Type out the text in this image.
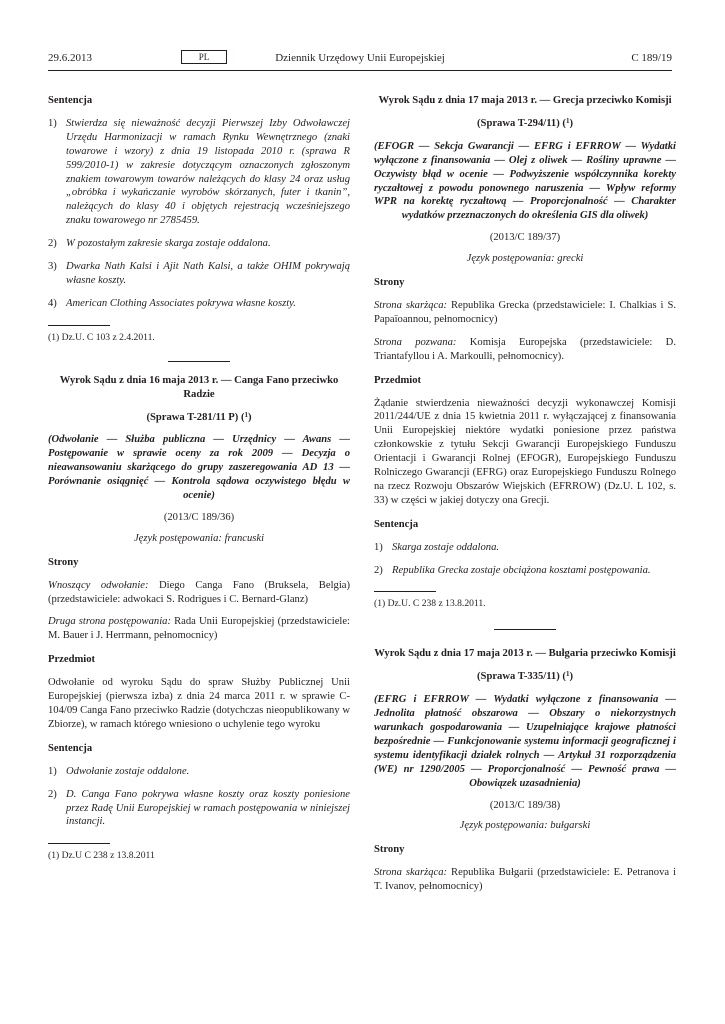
29.6.2013	PL	Dziennik Urzędowy Unii Europejskiej	C 189/19
Sentencja
1) Stwierdza się nieważność decyzji Pierwszej Izby Odwoławczej Urzędu Harmonizacji w ramach Rynku Wewnętrznego (znaki towarowe i wzory) z dnia 19 listopada 2010 r. (sprawa R 599/2010-1) w zakresie dotyczącym oznaczonych zgłoszonym znakiem towarowym towarów należących do klasy 24 oraz usług „obróbka i wykańczanie wyrobów skórzanych, futer i tkanin”, należących do klasy 40 i objętych rejestracją wcześniejszego znaku towarowego nr 2785459.
2) W pozostałym zakresie skarga zostaje oddalona.
3) Dwarka Nath Kalsi i Ajit Nath Kalsi, a także OHIM pokrywają własne koszty.
4) American Clothing Associates pokrywa własne koszty.
(1) Dz.U. C 103 z 2.4.2011.
Wyrok Sądu z dnia 16 maja 2013 r. — Canga Fano przeciwko Radzie
(Sprawa T-281/11 P) ($^1$)
(Odwołanie — Służba publiczna — Urzędnicy — Awans — Postępowanie w sprawie oceny za rok 2009 — Decyzja o nieawansowaniu skarżącego do grupy zaszeregowania AD 13 — Porównanie osiągnięć — Kontrola sądowa oczywistego błędu w ocenie)
(2013/C 189/36)
Język postępowania: francuski
Strony
Wnoszący odwołanie: Diego Canga Fano (Bruksela, Belgia) (przedstawiciele: adwokaci S. Rodrigues i C. Bernard-Glanz)
Druga strona postępowania: Rada Unii Europejskiej (przedstawiciele: M. Bauer i J. Herrmann, pełnomocnicy)
Przedmiot
Odwołanie od wyroku Sądu do spraw Służby Publicznej Unii Europejskiej (pierwsza izba) z dnia 24 marca 2011 r. w sprawie C-104/09 Canga Fano przeciwko Radzie (dotychczas nieopublikowany w Zbiorze), w ramach którego wniesiono o uchylenie tego wyroku
Sentencja
1) Odwołanie zostaje oddalone.
2) D. Canga Fano pokrywa własne koszty oraz koszty poniesione przez Radę Unii Europejskiej w ramach postępowania w niniejszej instancji.
(1) Dz.U C 238 z 13.8.2011
Wyrok Sądu z dnia 17 maja 2013 r. — Grecja przeciwko Komisji
(Sprawa T-294/11) ($^1$)
(EFOGR — Sekcja Gwarancji — EFRG i EFRROW — Wydatki wyłączone z finansowania — Olej z oliwek — Rośliny uprawne — Oczywisty błąd w ocenie — Podwyższenie współczynnika korekty ryczałtowej z powodu ponownego naruszenia — Wpływ reformy WPR na korektę ryczałtową — Proporcjonalność — Charakter wydatków przeznaczonych do określenia GIS dla oliwek)
(2013/C 189/37)
Język postępowania: grecki
Strony
Strona skarżąca: Republika Grecka (przedstawiciele: I. Chalkias i S. Papaïoannou, pełnomocnicy)
Strona pozwana: Komisja Europejska (przedstawiciele: D. Triantafyllou i A. Markoulli, pełnomocnicy).
Przedmiot
Żądanie stwierdzenia nieważności decyzji wykonawczej Komisji 2011/244/UE z dnia 15 kwietnia 2011 r. wyłączającej z finansowania Unii Europejskiej niektóre wydatki poniesione przez państwa członkowskie z tytułu Sekcji Gwarancji Europejskiego Funduszu Orientacji i Gwarancji Rolnej (EFOGR), Europejskiego Funduszu Rolniczego Gwarancji (EFRG) oraz Europejskiego Funduszu Rolnego na rzecz Rozwoju Obszarów Wiejskich (EFRROW) (Dz.U. L 102, s. 33) w części w jakiej dotyczy ona Grecji.
Sentencja
1) Skarga zostaje oddalona.
2) Republika Grecka zostaje obciążona kosztami postępowania.
(1) Dz.U. C 238 z 13.8.2011.
Wyrok Sądu z dnia 17 maja 2013 r. — Bułgaria przeciwko Komisji
(Sprawa T-335/11) ($^1$)
(EFRG i EFRROW — Wydatki wyłączone z finansowania — Jednolita płatność obszarowa — Obszary o niekorzystnych warunkach gospodarowania — Uzupełniające krajowe płatności bezpośrednie — Funkcjonowanie systemu informacji geograficznej i systemu identyfikacji działek rolnych — Artykuł 31 rozporządzenia (WE) nr 1290/2005 — Proporcjonalność — Pewność prawa — Obowiązek uzasadnienia)
(2013/C 189/38)
Język postępowania: bułgarski
Strony
Strona skarżąca: Republika Bułgarii (przedstawiciele: E. Petranova i T. Ivanov, pełnomocnicy)
